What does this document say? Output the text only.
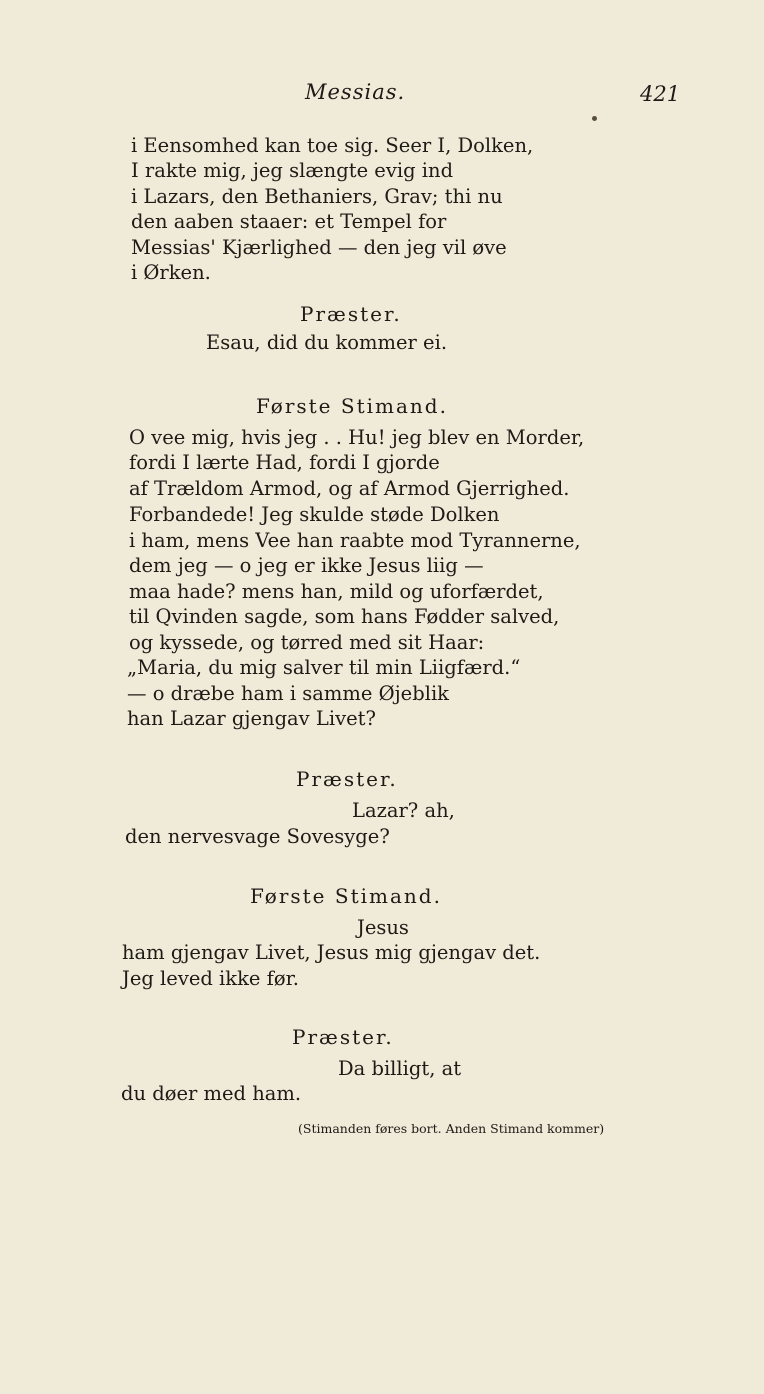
Messias.	421
i Eensomhed kan toe sig. Seer I, Dolken,
I rakte mig, jeg slængte evig ind
i Lazars, den Bethaniers, Grav; thi nu
den aaben staaer: et Tempel for
Messias' Kjærlighed — den jeg vil øve
i Ørken.
Præster.
Esau, did du kommer ei.
Første Stimand.
O vee mig, hvis jeg . . Hu! jeg blev en Morder,
fordi I lærte Had, fordi I gjorde
af Trældom Armod, og af Armod Gjerrighed.
Forbandede! Jeg skulde støde Dolken
i ham, mens Vee han raabte mod Tyrannerne,
dem jeg — o jeg er ikke Jesus liig —
maa hade? mens han, mild og uforfærdet,
til Qvinden sagde, som hans Fødder salved,
og kyssede, og tørred med sit Haar:
„Maria, du mig salver til min Liigfærd.“
— o dræbe ham i samme Øjeblik
han Lazar gjengav Livet?
Præster.
Lazar? ah,
den nervesvage Sovesyge?
Første Stimand.
Jesus
ham gjengav Livet, Jesus mig gjengav det.
Jeg leved ikke før.
Præster.
Da billigt, at
du døer med ham.
(Stimanden føres bort. Anden Stimand kommer)
